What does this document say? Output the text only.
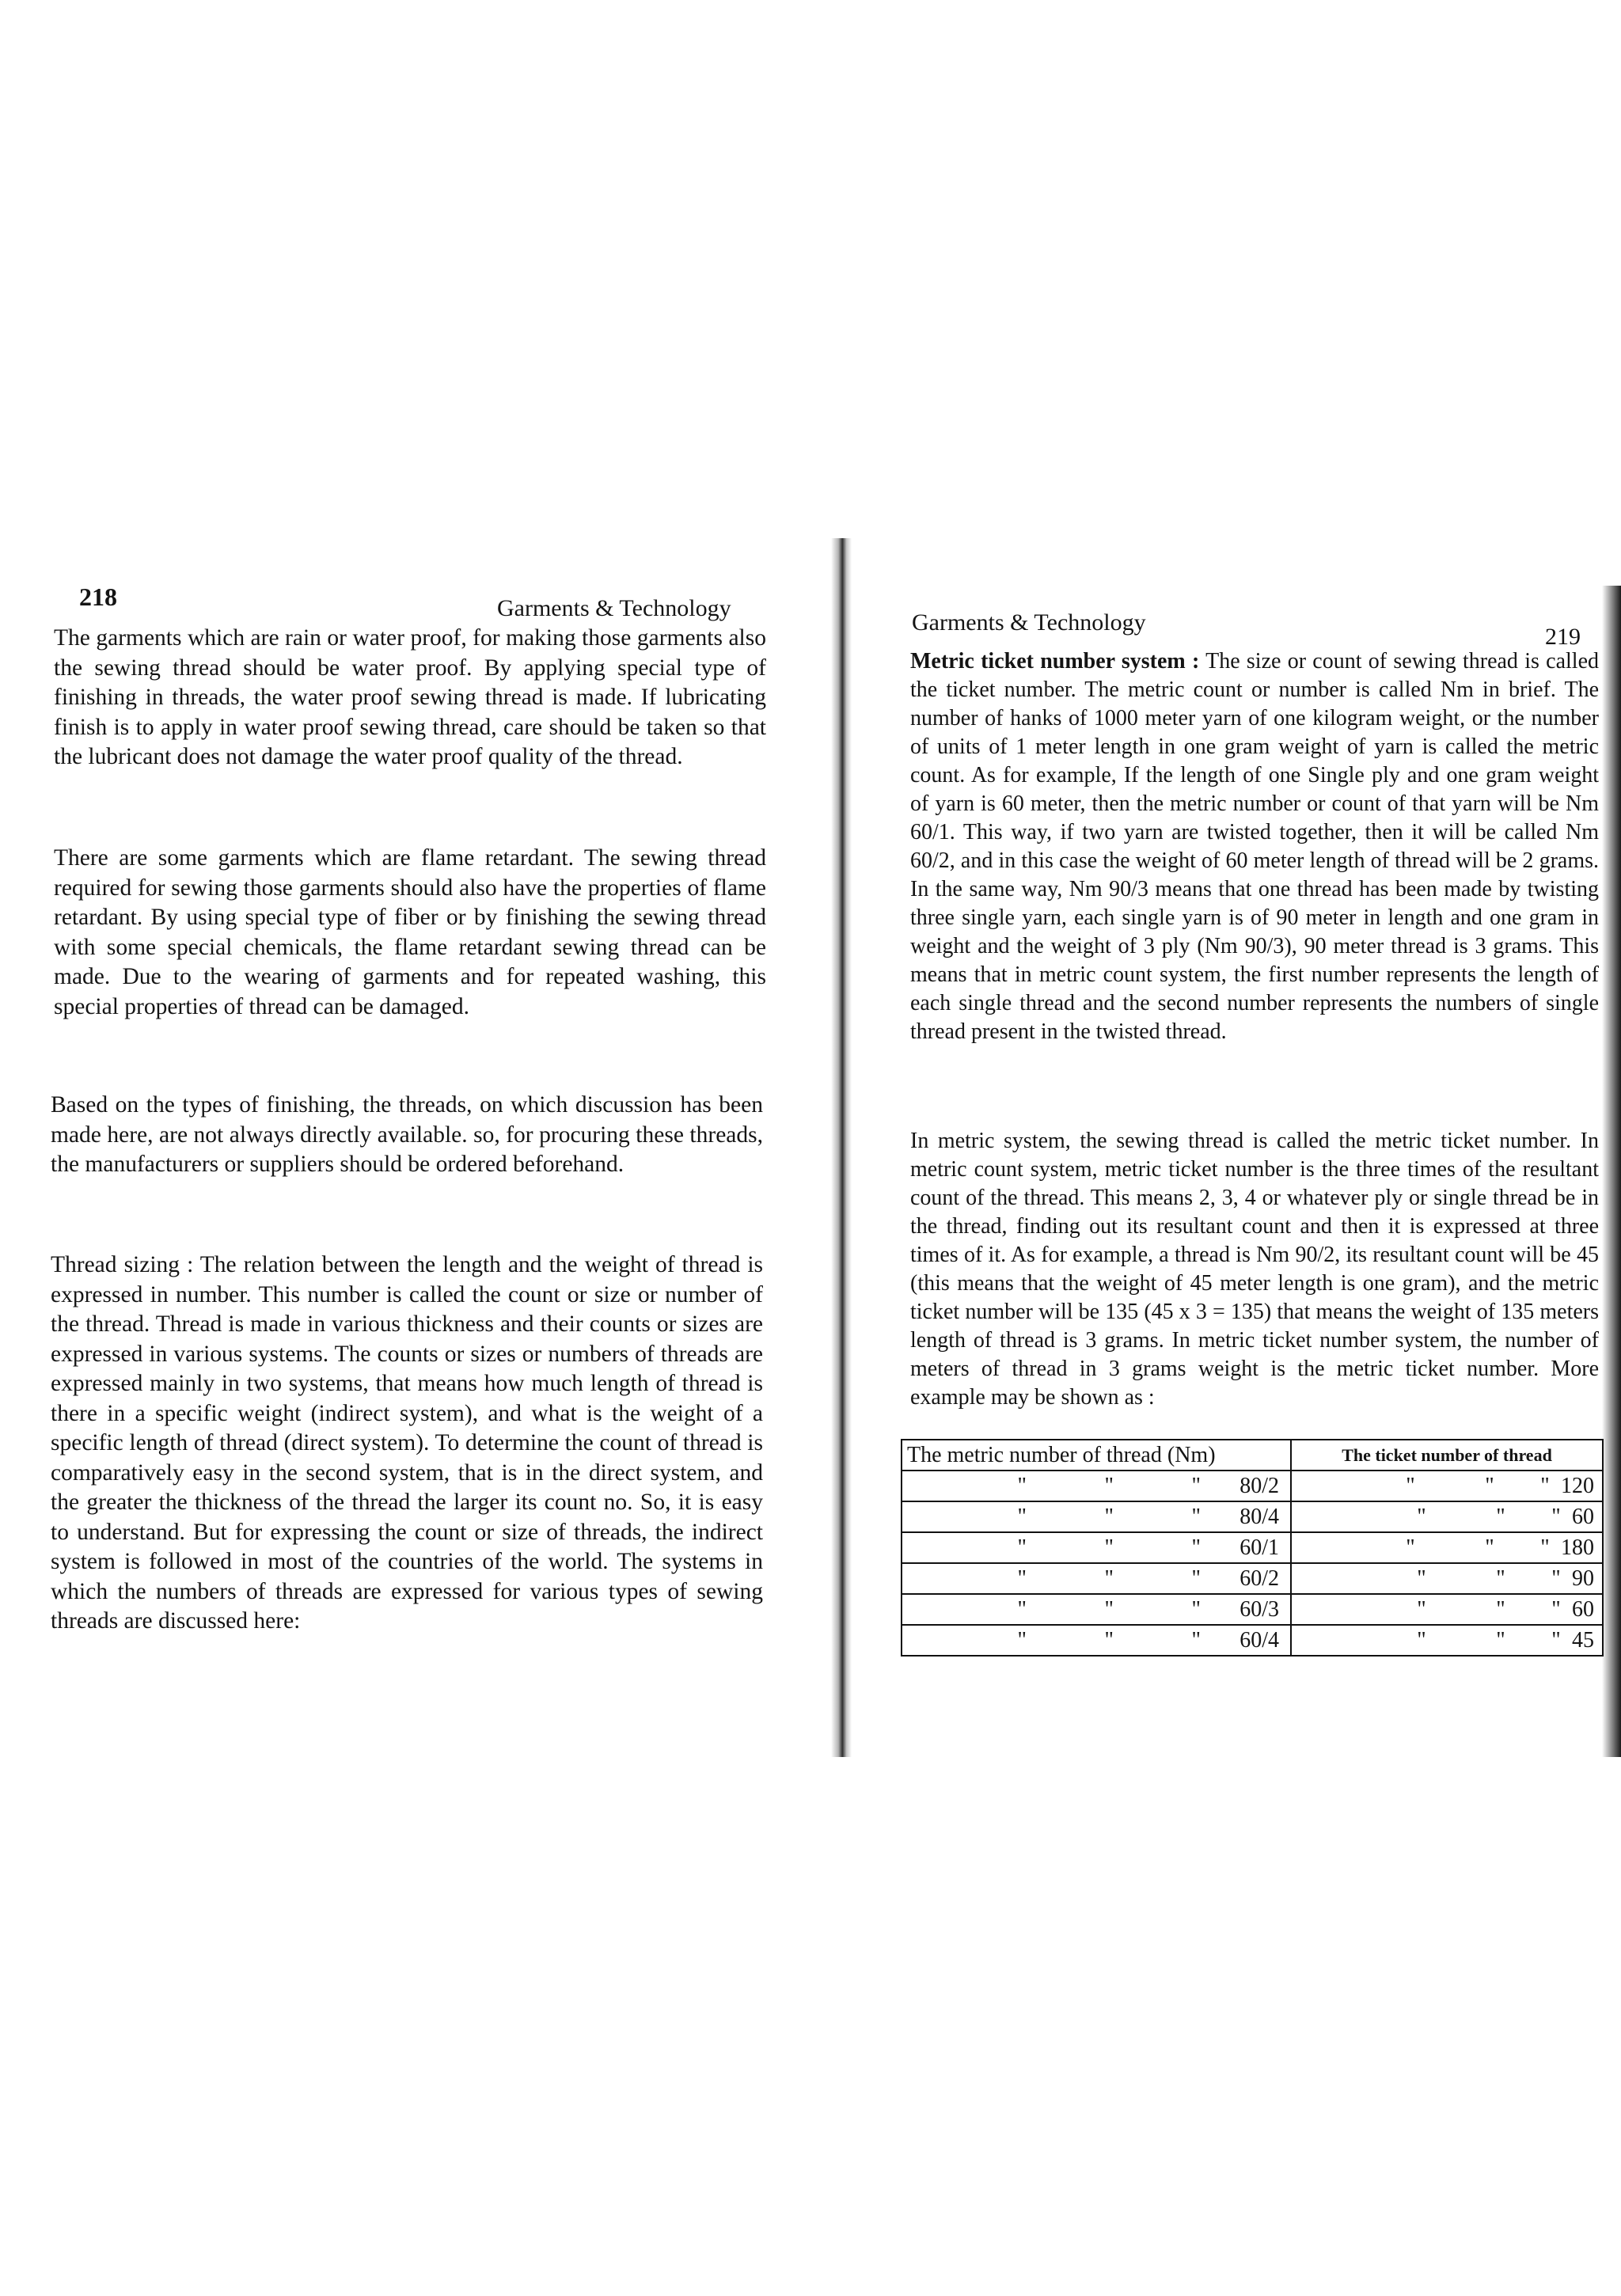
218	Garments & Technology

The garments which are rain or water proof, for making those garments also the sewing thread should be water proof. By applying special type of finishing in threads, the water proof sewing thread is made. If lubricating finish is to apply in water proof sewing thread, care should be taken so that the lubricant does not damage the water proof quality of the thread.

There are some garments which are flame retardant. The sewing thread required for sewing those garments should also have the properties of flame retardant. By using special type of fiber or by finishing the sewing thread with some special chemicals, the flame retardant sewing thread can be made. Due to the wearing of garments and for repeated washing, this special properties of thread can be damaged.

Based on the types of finishing, the threads, on which discussion has been made here, are not always directly available. so, for procuring these threads, the manufacturers or suppliers should be ordered beforehand.

Thread sizing : The relation between the length and the weight of thread is expressed in number. This number is called the count or size or number of the thread. Thread is made in various thickness and their counts or sizes are expressed in various systems. The counts or sizes or numbers of threads are expressed mainly in two systems, that means how much length of thread is there in a specific weight (indirect system), and what is the weight of a specific length of thread (direct system). To determine the count of thread is comparatively easy in the second system, that is in the direct system, and the greater the thickness of the thread the larger its count no. So, it is easy to understand. But for expressing the count or size of threads, the indirect system is followed in most of the countries of the world. The systems in which the numbers of threads are expressed for various types of sewing threads are discussed here:

Garments & Technology
219

Metric ticket number system : The size or count of sewing thread is called the ticket number. The metric count or number is called Nm in brief. The number of hanks of 1000 meter yarn of one kilogram weight, or the number of units of 1 meter length in one gram weight of yarn is called the metric count. As for example, If the length of one Single ply and one gram weight of yarn is 60 meter, then the metric number or count of that yarn will be Nm 60/1. This way, if two yarn are twisted together, then it will be called Nm 60/2, and in this case the weight of 60 meter length of thread will be 2 grams. In the same way, Nm 90/3 means that one thread has been made by twisting three single yarn, each single yarn is of 90 meter in length and one gram in weight and the weight of 3 ply (Nm 90/3), 90 meter thread is 3 grams. This means that in metric count system, the first number represents the length of each single thread and the second number represents the numbers of single thread present in the twisted thread.

In metric system, the sewing thread is called the metric ticket number. In metric count system, metric ticket number is the three times of the resultant count of the thread. This means 2, 3, 4 or whatever ply or single thread be in the thread, finding out its resultant count and then it is expressed at three times of it. As for example, a thread is Nm 90/2, its resultant count will be 45 (this means that the weight of 45 meter length is one gram), and the metric ticket number will be 135 (45 x 3 = 135) that means the weight of 135 meters length of thread is 3 grams. In metric ticket number system, the number of meters of thread in 3 grams weight is the metric ticket number. More example may be shown as :

The metric number of thread (Nm)	The ticket number of thread
" " " 80/2	" " " 120
" " " 80/4	" " " 60
" " " 60/1	" " " 180
" " " 60/2	" " " 90
" " " 60/3	" " " 60
" " " 60/4	" " " 45
